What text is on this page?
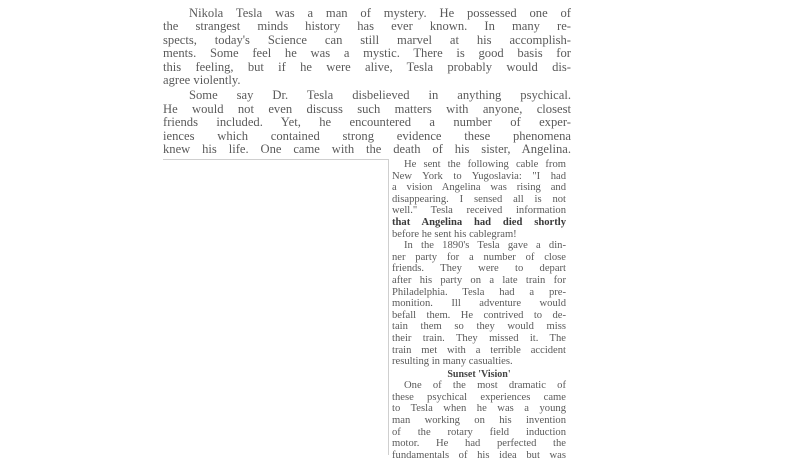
Nikola Tesla was a man of mystery. He possessed one of
the strangest minds history has ever known. In many re-
spects, today's Science can still marvel at his accomplish-
ments. Some feel he was a mystic. There is good basis for
this feeling, but if he were alive, Tesla probably would dis-
agree violently.
Some say Dr. Tesla disbelieved in anything psychical.
He would not even discuss such matters with anyone, closest
friends included. Yet, he encountered a number of exper-
iences which contained strong evidence these phenomena
knew his life. One came with the death of his sister, Angelina.
He sent the following cable from
New York to Yugoslavia: "I had
a vision Angelina was rising and
disappearing. I sensed all is not
well." Tesla received information
that Angelina had died shortly
before he sent his cablegram!
In the 1890's Tesla gave a din-
ner party for a number of close
friends. They were to depart
after his party on a late train for
Philadelphia. Tesla had a pre-
monition. Ill adventure would
befall them. He contrived to de-
tain them so they would miss
their train. They missed it. The
train met with a terrible accident
resulting in many casualties.
Sunset 'Vision'
One of the most dramatic of
these psychical experiences came
to Tesla when he was a young
man working on his invention
of the rotary field induction
motor. He had perfected the
fundamentals of his idea but was
